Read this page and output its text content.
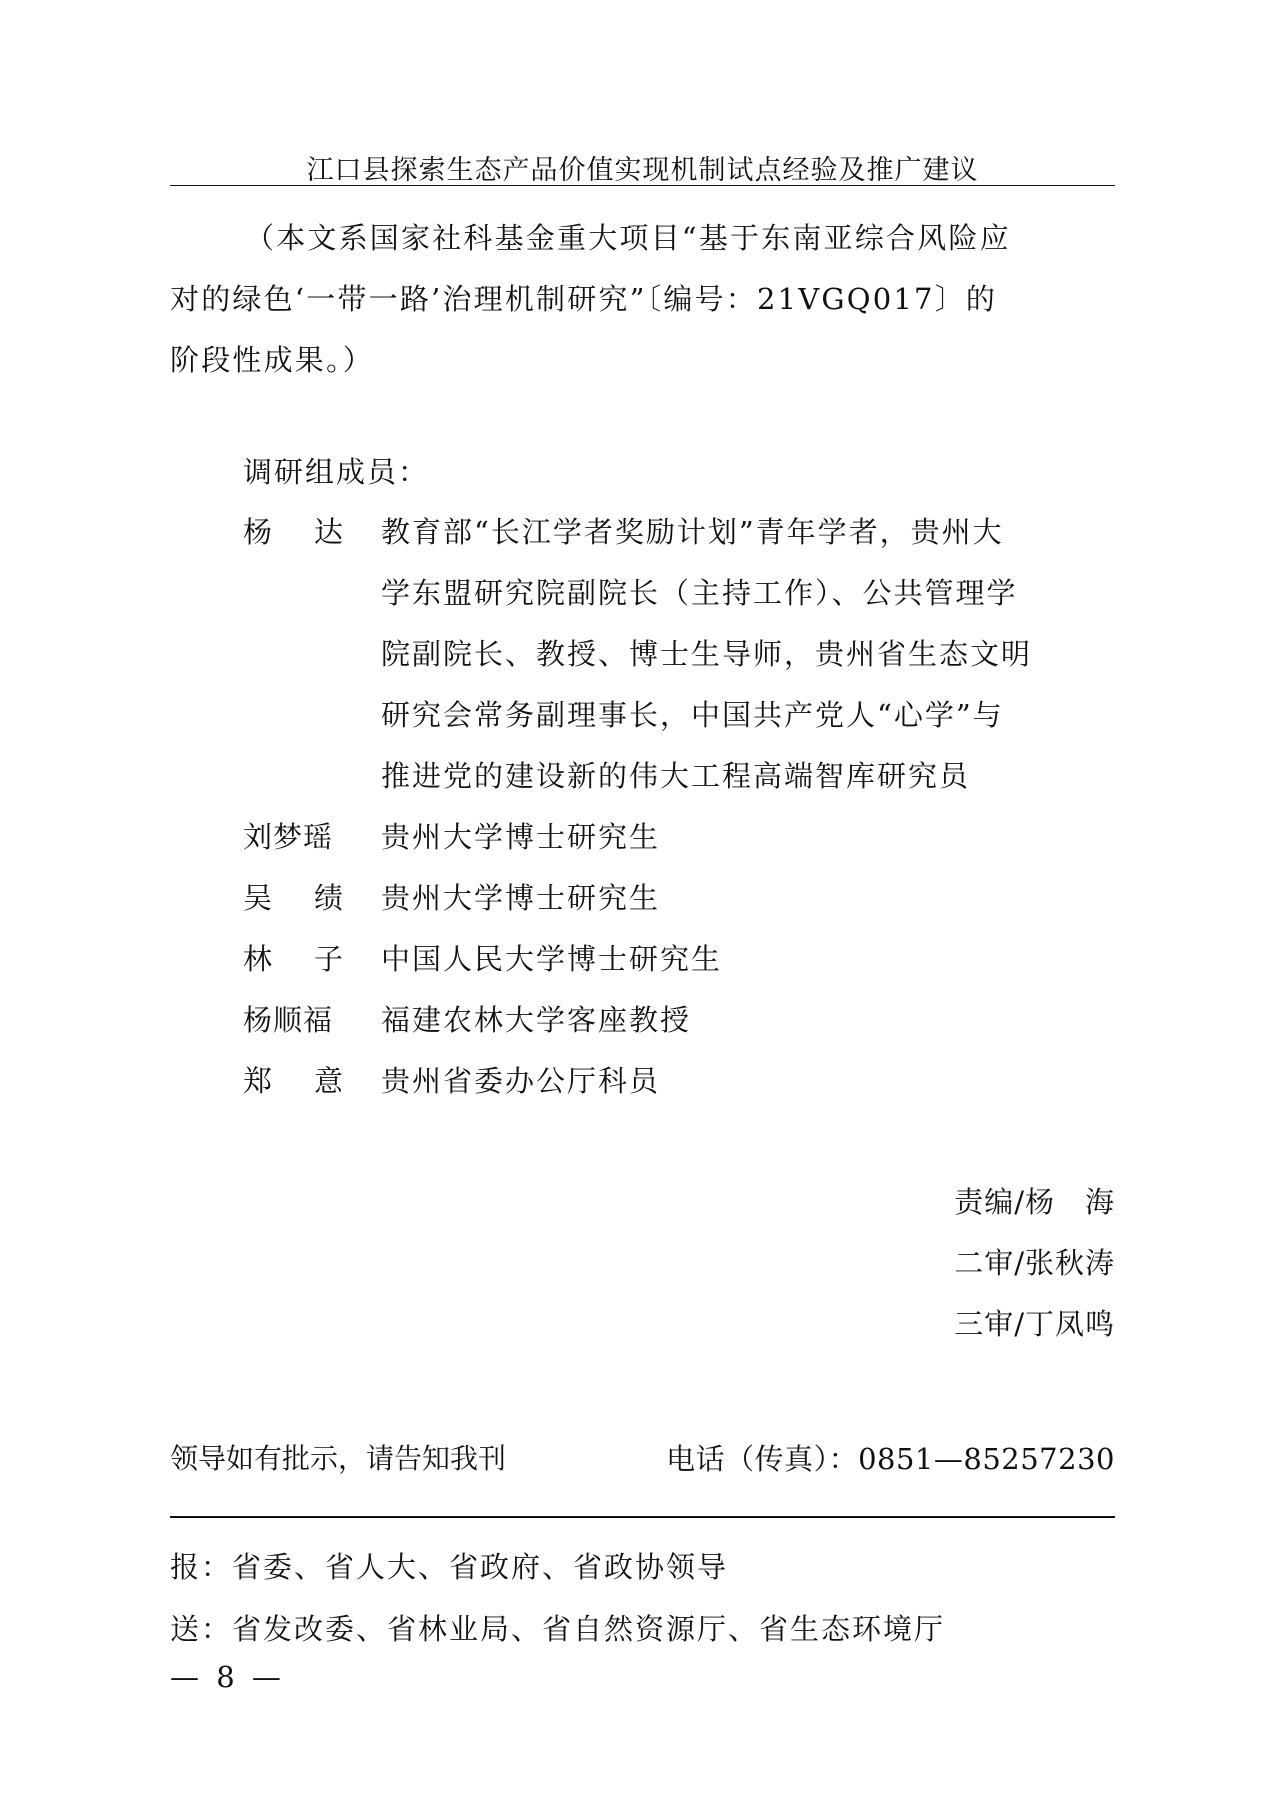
江口县探索生态产品价值实现机制试点经验及推广建议

（本文系国家社科基金重大项目“基于东南亚综合风险应

对的绿色‘一带一路’治理机制研究”〔编号：21VGQ017〕的

阶段性成果。）

调研组成员：
杨 达 教育部“长江学者奖励计划”青年学者，贵州大

学东盟研究院副院长（主持工作）、公共管理学

院副院长、教授、博士生导师，贵州省生态文明

研究会常务副理事长，中国共产党人“心学”与

推进党的建设新的伟大工程高端智库研究员

刘梦瑶 贵州大学博士研究生

吴 绩 贵州大学博士研究生

林 子 中国人民大学博士研究生

杨顺福 福建农林大学客座教授

郑 意 贵州省委办公厅科员

责编/杨　海
二审/张秋涛
三审/丁凤鸣
领导如有批示，请告知我刊	电话（传真）：0851—85257230

报：省委、省人大、省政府、省政协领导

送：省发改委、省林业局、省自然资源厅、省生态环境厅

— 8 —
